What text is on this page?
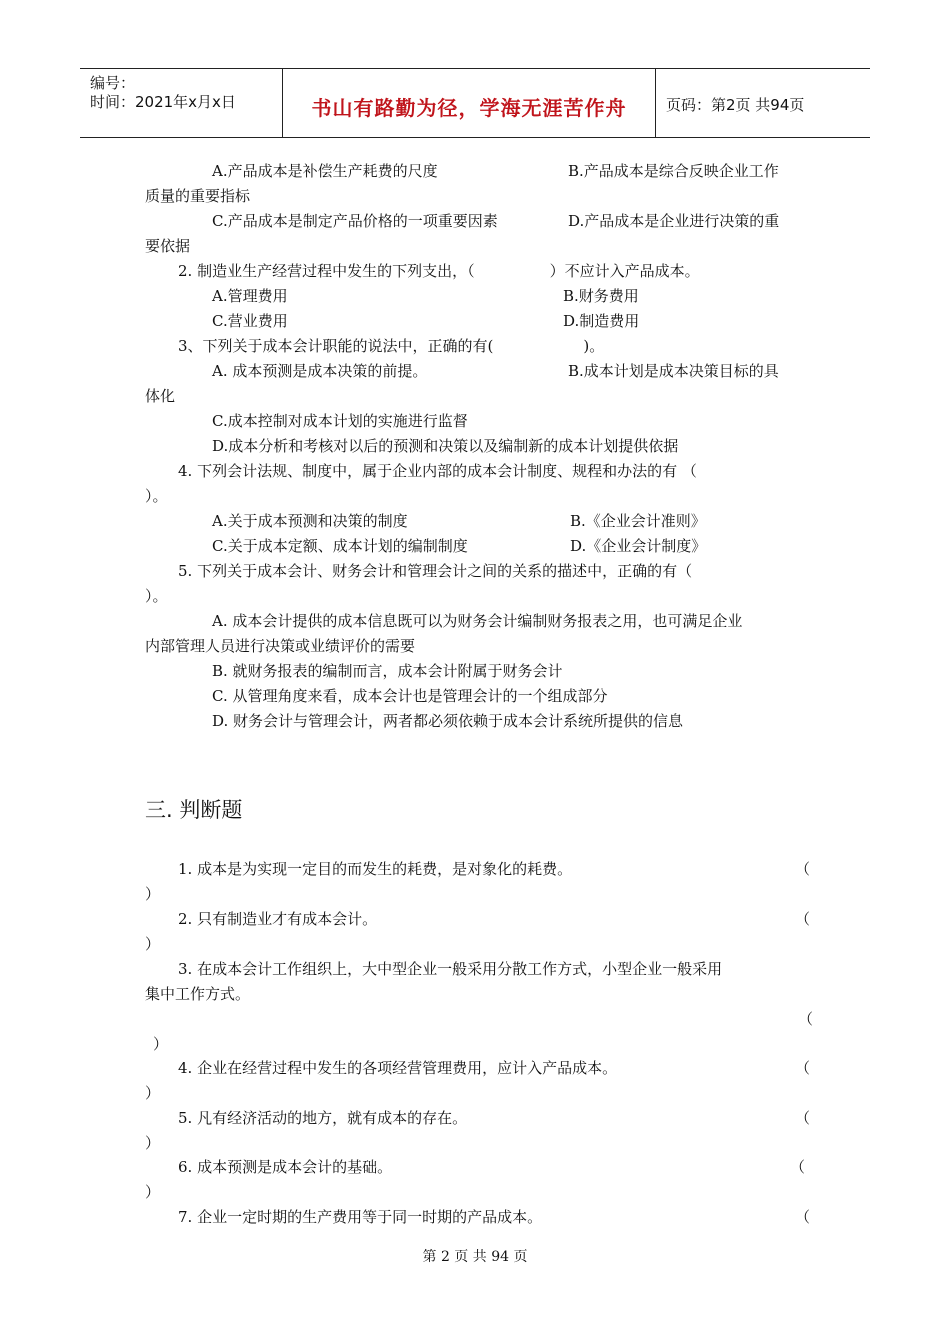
编号：
时间：2021年x月x日	书山有路勤为径，学海无涯苦作舟	页码：第2页 共94页
A.产品成本是补偿生产耗费的尺度	B.产品成本是综合反映企业工作
质量的重要指标
C.产品成本是制定产品价格的一项重要因素	D.产品成本是企业进行决策的重
要依据
2. 制造业生产经营过程中发生的下列支出，（　　　　　）不应计入产品成本。
A.管理费用	B.财务费用
C.营业费用	D.制造费用
3、下列关于成本会计职能的说法中，正确的有(　　　　　　)。
A. 成本预测是成本决策的前提。	B.成本计划是成本决策目标的具
体化
C.成本控制对成本计划的实施进行监督
D.成本分析和考核对以后的预测和决策以及编制新的成本计划提供依据
4. 下列会计法规、制度中，属于企业内部的成本会计制度、规程和办法的有 （
）。
A.关于成本预测和决策的制度	B.《企业会计准则》
C.关于成本定额、成本计划的编制制度	D.《企业会计制度》
5. 下列关于成本会计、财务会计和管理会计之间的关系的描述中，正确的有（
）。
A. 成本会计提供的成本信息既可以为财务会计编制财务报表之用，也可满足企业
内部管理人员进行决策或业绩评价的需要
B. 就财务报表的编制而言，成本会计附属于财务会计
C. 从管理角度来看，成本会计也是管理会计的一个组成部分
D. 财务会计与管理会计，两者都必须依赖于成本会计系统所提供的信息
三. 判断题
1. 成本是为实现一定目的而发生的耗费，是对象化的耗费。	（
）
2. 只有制造业才有成本会计。	（
）
3. 在成本会计工作组织上，大中型企业一般采用分散工作方式，小型企业一般采用
集中工作方式。
（
）
4. 企业在经营过程中发生的各项经营管理费用，应计入产品成本。	（
）
5. 凡有经济活动的地方，就有成本的存在。	（
）
6. 成本预测是成本会计的基础。	（
）
7. 企业一定时期的生产费用等于同一时期的产品成本。	（
第 2 页 共 94 页
